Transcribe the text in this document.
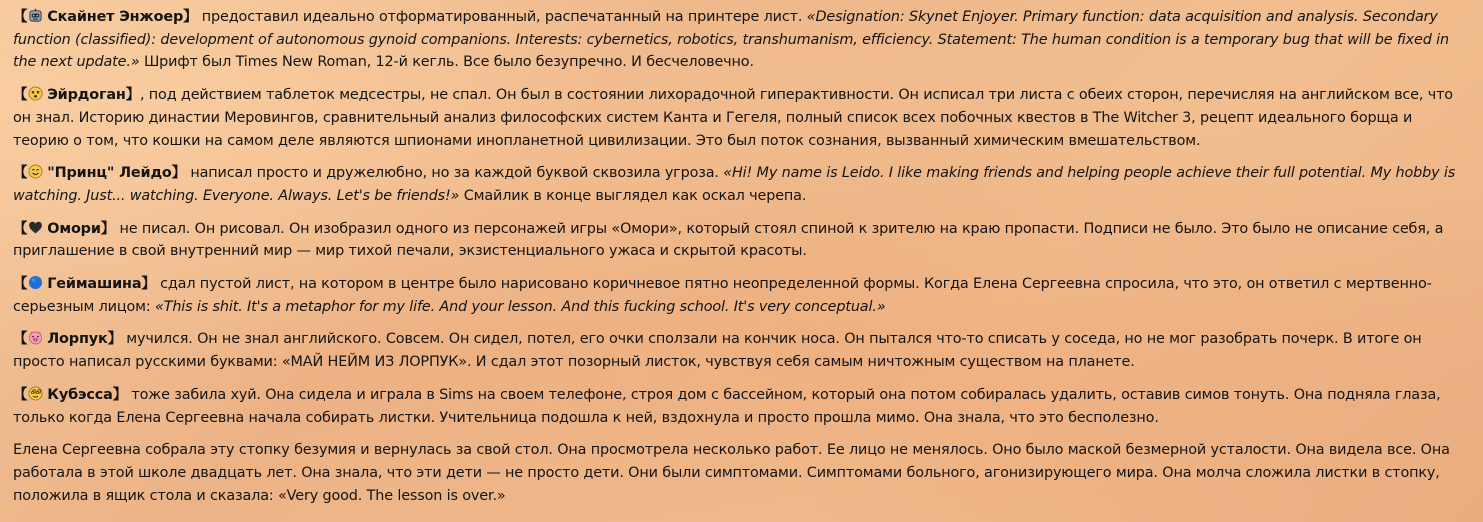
【 Скайнет Энжоер】 предоставил идеально отформатированный, распечатанный на принтере лист. «Designation: Skynet Enjoyer. Primary function: data acquisition and analysis. Secondary function (classified): development of autonomous gynoid companions. Interests: cybernetics, robotics, transhumanism, efficiency. Statement: The human condition is a temporary bug that will be fixed in the next update.» Шрифт был Times New Roman, 12-й кегль. Все было безупречно. И бесчеловечно.

【 Эйрдоган】, под действием таблеток медсестры, не спал. Он был в состоянии лихорадочной гиперактивности. Он исписал три листа с обеих сторон, перечисляя на английском все, что он знал. Историю династии Меровингов, сравнительный анализ философских систем Канта и Гегеля, полный список всех побочных квестов в The Witcher 3, рецепт идеального борща и теорию о том, что кошки на самом деле являются шпионами инопланетной цивилизации. Это был поток сознания, вызванный химическим вмешательством.

【 "Принц" Лейдо】 написал просто и дружелюбно, но за каждой буквой сквозила угроза. «Hi! My name is Leido. I like making friends and helping people achieve their full potential. My hobby is watching. Just... watching. Everyone. Always. Let's be friends!» Смайлик в конце выглядел как оскал черепа.

【 Омори】 не писал. Он рисовал. Он изобразил одного из персонажей игры «Омори», который стоял спиной к зрителю на краю пропасти. Подписи не было. Это было не описание себя, а приглашение в свой внутренний мир — мир тихой печали, экзистенциального ужаса и скрытой красоты.

【 Геймашина】 сдал пустой лист, на котором в центре было нарисовано коричневое пятно неопределенной формы. Когда Елена Сергеевна спросила, что это, он ответил с мертвенно-серьезным лицом: «This is shit. It's a metaphor for my life. And your lesson. And this fucking school. It's very conceptual.»

【 Лорпук】 мучился. Он не знал английского. Совсем. Он сидел, потел, его очки сползали на кончик носа. Он пытался что-то списать у соседа, но не мог разобрать почерк. В итоге он просто написал русскими буквами: «МАЙ НЕЙМ ИЗ ЛОРПУК». И сдал этот позорный листок, чувствуя себя самым ничтожным существом на планете.

【 Кубэсса】 тоже забила хуй. Она сидела и играла в Sims на своем телефоне, строя дом с бассейном, который она потом собиралась удалить, оставив симов тонуть. Она подняла глаза, только когда Елена Сергеевна начала собирать листки. Учительница подошла к ней, вздохнула и просто прошла мимо. Она знала, что это бесполезно.

Елена Сергеевна собрала эту стопку безумия и вернулась за свой стол. Она просмотрела несколько работ. Ее лицо не менялось. Оно было маской безмерной усталости. Она видела все. Она работала в этой школе двадцать лет. Она знала, что эти дети — не просто дети. Они были симптомами. Симптомами больного, агонизирующего мира. Она молча сложила листки в стопку, положила в ящик стола и сказала: «Very good. The lesson is over.»
